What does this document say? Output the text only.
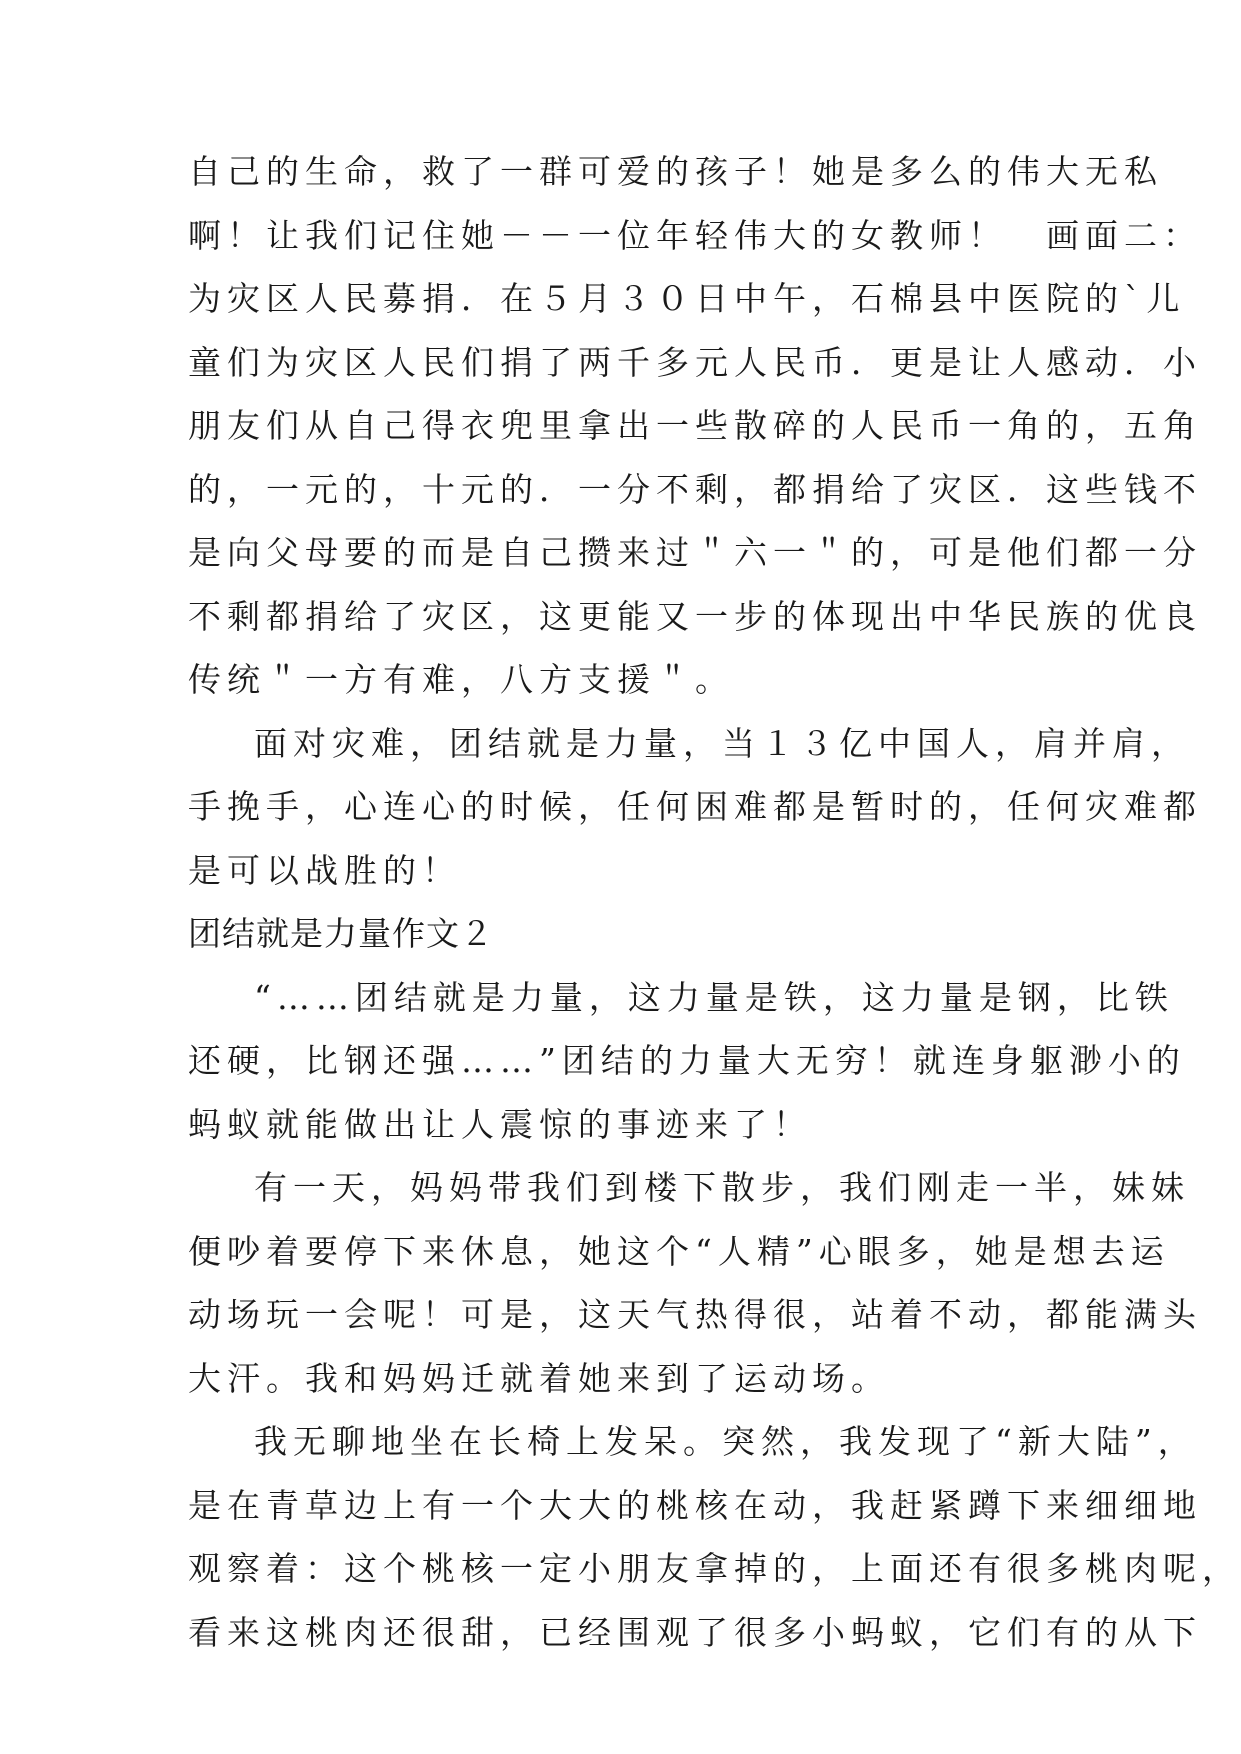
自己的生命，救了一群可爱的孩子！她是多么的伟大无私
啊！让我们记住她－－一位年轻伟大的女教师！　画面二：
为灾区人民募捐．在５月３０日中午，石棉县中医院的`儿
童们为灾区人民们捐了两千多元人民币．更是让人感动．小
朋友们从自己得衣兜里拿出一些散碎的人民币一角的，五角
的，一元的，十元的．一分不剩，都捐给了灾区．这些钱不
是向父母要的而是自己攒来过＂六一＂的，可是他们都一分
不剩都捐给了灾区，这更能又一步的体现出中华民族的优良
传统＂一方有难，八方支援＂。
面对灾难，团结就是力量，当１３亿中国人，肩并肩，
手挽手，心连心的时候，任何困难都是暂时的，任何灾难都
是可以战胜的！
团结就是力量作文２
“……团结就是力量，这力量是铁，这力量是钢，比铁
还硬，比钢还强……”团结的力量大无穷！就连身躯渺小的
蚂蚁就能做出让人震惊的事迹来了！
有一天，妈妈带我们到楼下散步，我们刚走一半，妹妹
便吵着要停下来休息，她这个“人精”心眼多，她是想去运
动场玩一会呢！可是，这天气热得很，站着不动，都能满头
大汗。我和妈妈迁就着她来到了运动场。
我无聊地坐在长椅上发呆。突然，我发现了“新大陆”，
是在青草边上有一个大大的桃核在动，我赶紧蹲下来细细地
观察着：这个桃核一定小朋友拿掉的，上面还有很多桃肉呢，
看来这桃肉还很甜，已经围观了很多小蚂蚁，它们有的从下
